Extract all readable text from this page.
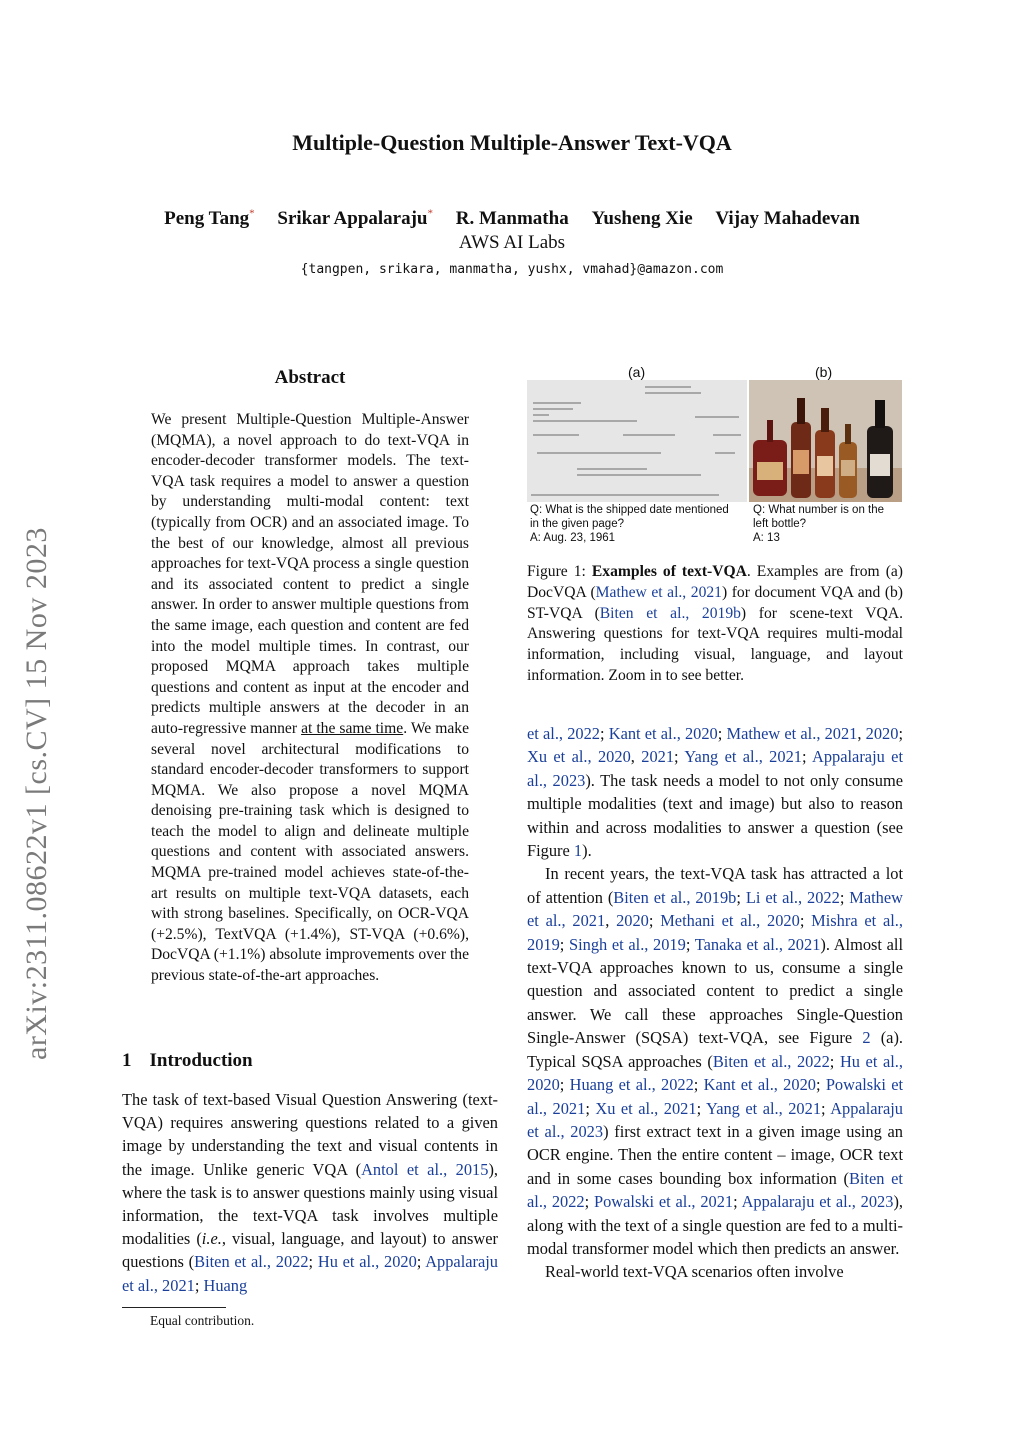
Multiple-Question Multiple-Answer Text-VQA
Peng Tang* Srikar Appalaraju* R. Manmatha Yusheng Xie Vijay Mahadevan
AWS AI Labs
{tangpen, srikara, manmatha, yushx, vmahad}@amazon.com
arXiv:2311.08622v1 [cs.CV] 15 Nov 2023
Abstract
We present Multiple-Question Multiple-Answer (MQMA), a novel approach to do text-VQA in encoder-decoder transformer models. The text-VQA task requires a model to answer a question by understanding multi-modal content: text (typically from OCR) and an associated image. To the best of our knowledge, almost all previous approaches for text-VQA process a single question and its associated content to predict a single answer. In order to answer multiple questions from the same image, each question and content are fed into the model multiple times. In contrast, our proposed MQMA approach takes multiple questions and content as input at the encoder and predicts multiple answers at the decoder in an auto-regressive manner at the same time. We make several novel architectural modifications to standard encoder-decoder transformers to support MQMA. We also propose a novel MQMA denoising pre-training task which is designed to teach the model to align and delineate multiple questions and content with associated answers. MQMA pre-trained model achieves state-of-the-art results on multiple text-VQA datasets, each with strong baselines. Specifically, on OCR-VQA (+2.5%), TextVQA (+1.4%), ST-VQA (+0.6%), DocVQA (+1.1%) absolute improvements over the previous state-of-the-art approaches.
1 Introduction
The task of text-based Visual Question Answering (text-VQA) requires answering questions related to a given image by understanding the text and visual contents in the image. Unlike generic VQA (Antol et al., 2015), where the task is to answer questions mainly using visual information, the text-VQA task involves multiple modalities (i.e., visual, language, and layout) to answer questions (Biten et al., 2022; Hu et al., 2020; Appalaraju et al., 2021; Huang
Equal contribution.
(a)	(b)
Q: What is the shipped date mentioned
in the given page?
A: Aug. 23, 1961
Q: What number is on the
left bottle?
A: 13
Figure 1: Examples of text-VQA. Examples are from (a) DocVQA (Mathew et al., 2021) for document VQA and (b) ST-VQA (Biten et al., 2019b) for scene-text VQA. Answering questions for text-VQA requires multi-modal information, including visual, language, and layout information. Zoom in to see better.

et al., 2022; Kant et al., 2020; Mathew et al., 2021, 2020; Xu et al., 2020, 2021; Yang et al., 2021; Appalaraju et al., 2023). The task needs a model to not only consume multiple modalities (text and image) but also to reason within and across modalities to answer a question (see Figure 1).

In recent years, the text-VQA task has attracted a lot of attention (Biten et al., 2019b; Li et al., 2022; Mathew et al., 2021, 2020; Methani et al., 2020; Mishra et al., 2019; Singh et al., 2019; Tanaka et al., 2021). Almost all text-VQA approaches known to us, consume a single question and associated content to predict a single answer. We call these approaches Single-Question Single-Answer (SQSA) text-VQA, see Figure 2 (a). Typical SQSA approaches (Biten et al., 2022; Hu et al., 2020; Huang et al., 2022; Kant et al., 2020; Powalski et al., 2021; Xu et al., 2021; Yang et al., 2021; Appalaraju et al., 2023) first extract text in a given image using an OCR engine. Then the entire content – image, OCR text and in some cases bounding box information (Biten et al., 2022; Powalski et al., 2021; Appalaraju et al., 2023), along with the text of a single question are fed to a multi-modal transformer model which then predicts an answer.

Real-world text-VQA scenarios often involve
